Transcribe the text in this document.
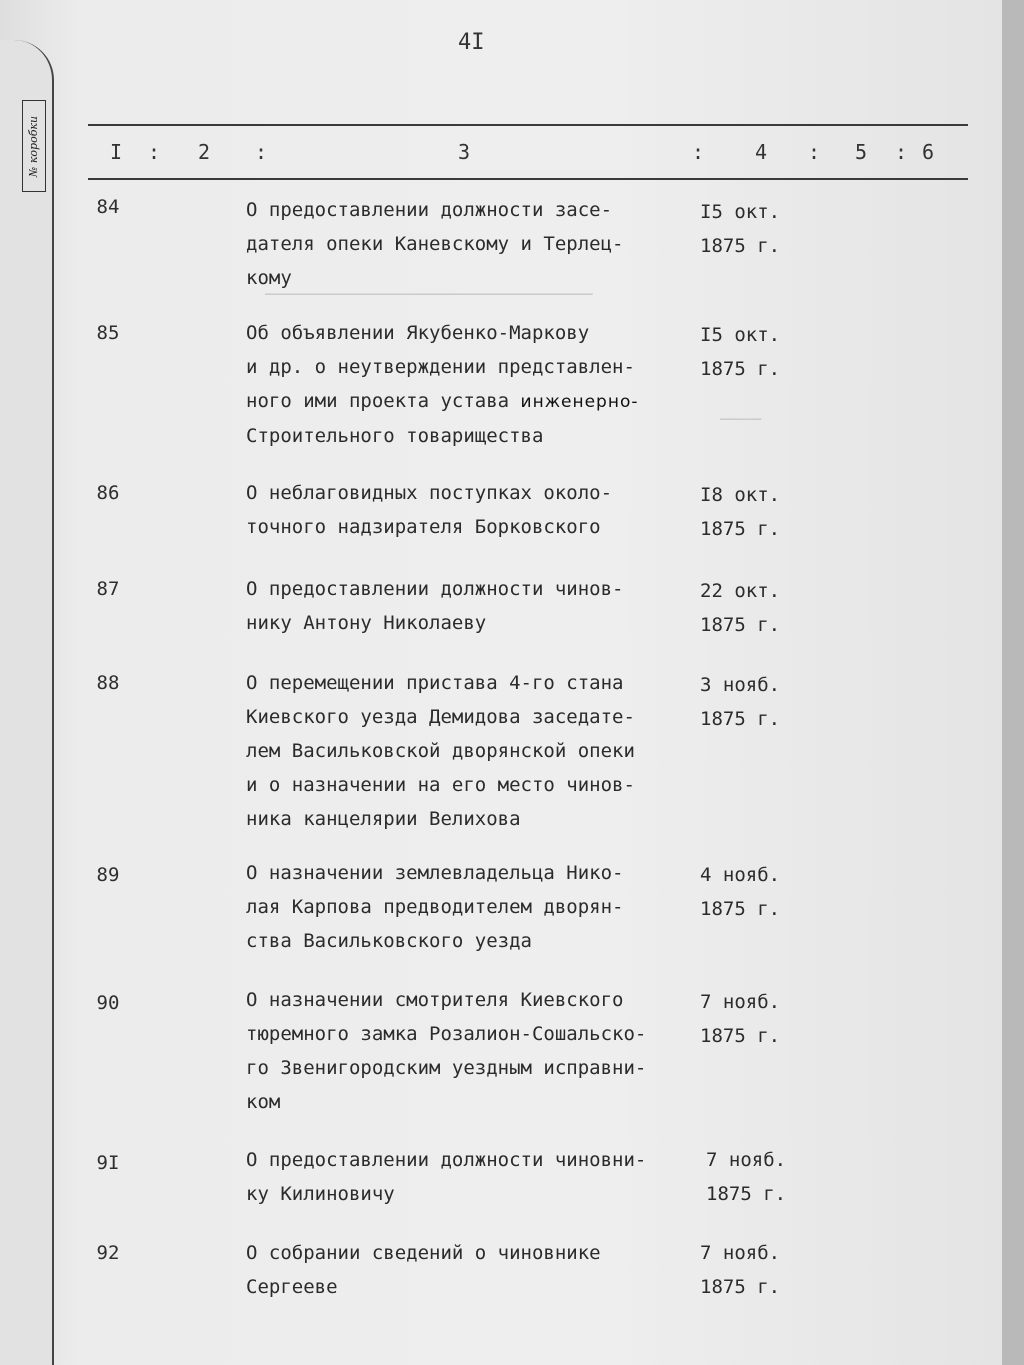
№ коробки
────────────────────────────────
────
4I
I : 2 :	3	:	4 : 5 : 6
84	О предоставлении должности засе-
дателя опеки Каневскому и Терлец-
кому
I5 окт.
1875 г.
85	Об объявлении Якубенко-Маркову
и др. о неутверждении представлен-
ного ими проекта устава инженерно-
Строительного товарищества
I5 окт.
1875 г.
86	О неблаговидных поступках околo-
точного надзирателя Борковского
I8 окт.
1875 г.
87	О предоставлении должности чинов-
нику Антону Николаеву
22 окт.
1875 г.
88	О перемещении пристава 4-го стана
Киевского уезда Демидова заседате-
лем Васильковской дворянской опеки
и о назначении на его место чинов-
ника канцелярии Велихова
3 нояб.
1875 г.
89	О назначении землевладельца Нико-
лая Карпова предводителем дворян-
ства Васильковского уезда
4 нояб.
1875 г.
90	О назначении смотрителя Киевского
тюремного замка Розалион-Сошальско-
го Звенигородским уездным исправни-
ком
7 нояб.
1875 г.
9I	О предоставлении должности чиновни-
ку Килиновичу
7 нояб.
1875 г.
92	О собрании сведений о чиновнике
Сергееве
7 нояб.
1875 г.
